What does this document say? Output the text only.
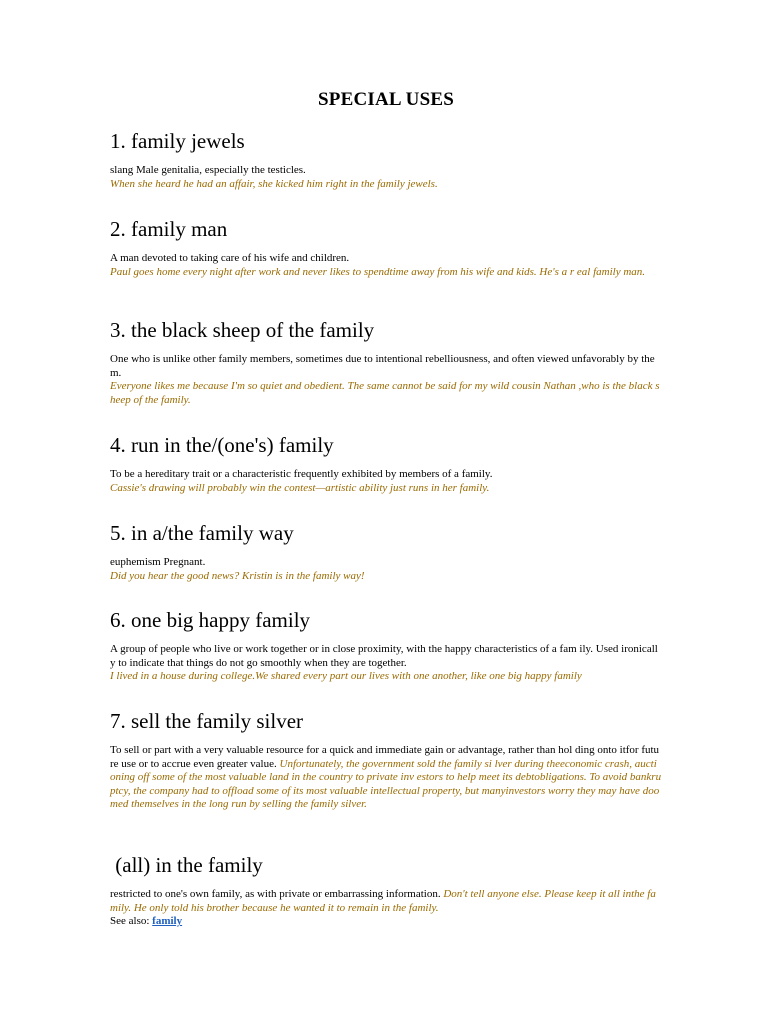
SPECIAL USES
1. family jewels
slang Male genitalia, especially the testicles.
When she heard he had an affair, she kicked him right in the family jewels.
2. family man
A man devoted to taking care of his wife and children.
Paul goes home every night after work and never likes to spendtime away from his wife and kids. He's a r eal family man.
3. the black sheep of the family
One who is unlike other family members, sometimes due to intentional rebelliousness, and often viewed unfavorably by them.
Everyone likes me because I'm so quiet and obedient. The same cannot be said for my wild cousin Nathan ,who is the black sheep of the family.
4. run in the/(one's) family
To be a hereditary trait or a characteristic frequently exhibited by members of a family.
Cassie's drawing will probably win the contest—artistic ability just runs in her family.
5. in a/the family way
euphemism Pregnant.
Did you hear the good news? Kristin is in the family way!
6. one big happy family
A group of people who live or work together or in close proximity, with the happy characteristics of a fam ily. Used ironically to indicate that things do not go smoothly when they are together.
I lived in a house during college.We shared every part our lives with one another, like one big happy family
7. sell the family silver
To sell or part with a very valuable resource for a quick and immediate gain or advantage, rather than hol ding onto itfor future use or to accrue even greater value. Unfortunately, the government sold the family si lver during theeconomic crash, auctioning off some of the most valuable land in the country to private inv estors to help meet its debtobligations. To avoid bankruptcy, the company had to offload some of its most valuable intellectual property, but manyinvestors worry they may have doomed themselves in the long run by selling the family silver.
(all) in the family
restricted to one's own family, as with private or embarrassing information. Don't tell anyone else. Please keep it all inthe family. He only told his brother because he wanted it to remain in the family.
See also: family
